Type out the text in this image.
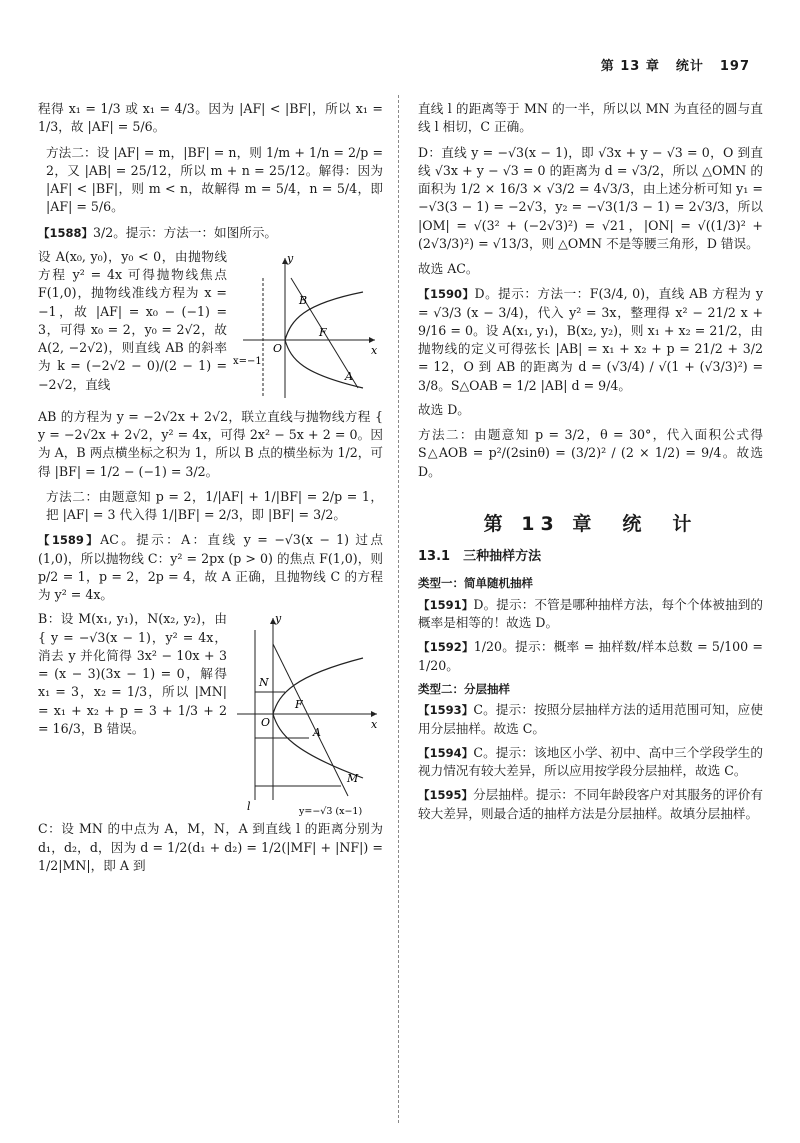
第 13 章 统计 197

程得 x₁ = 1/3 或 x₁ = 4/3。因为 |AF| < |BF|，所以 x₁ = 1/3，故 |AF| = 5/6。

方法二：设 |AF| = m，|BF| = n，则 1/m + 1/n = 2/p = 2，又 |AB| = 25/12，所以 m + n = 25/12。解得：因为 |AF| < |BF|，则 m < n，故解得 m = 5/4，n = 5/4，即 |AF| = 5/6。

【1588】3/2。提示：方法一：如图所示。

y
x
O
B
F
A
x=−1

设 A(x₀, y₀)，y₀ < 0，由抛物线方程 y² = 4x 可得抛物线焦点 F(1,0)，抛物线准线方程为 x = −1，故 |AF| = x₀ − (−1) = 3，可得 x₀ = 2，y₀ = 2√2，故 A(2, −2√2)，则直线 AB 的斜率为 k = (−2√2 − 0)/(2 − 1) = −2√2，直线

AB 的方程为 y = −2√2x + 2√2，联立直线与抛物线方程 { y = −2√2x + 2√2，y² = 4x，可得 2x² − 5x + 2 = 0。因为 A，B 两点横坐标之积为 1，所以 B 点的横坐标为 1/2，可得 |BF| = 1/2 − (−1) = 3/2。

方法二：由题意知 p = 2，1/|AF| + 1/|BF| = 2/p = 1，把 |AF| = 3 代入得 1/|BF| = 2/3，即 |BF| = 3/2。

【1589】AC。提示：A：直线 y = −√3(x − 1) 过点 (1,0)，所以抛物线 C：y² = 2px (p > 0) 的焦点 F(1,0)，则 p/2 = 1，p = 2，2p = 4，故 A 正确，且抛物线 C 的方程为 y² = 4x。

y
x
O
N
F
A
M
l	y=−√3 (x−1)

B：设 M(x₁, y₁)，N(x₂, y₂)，由 { y = −√3(x − 1)，y² = 4x，消去 y 并化简得 3x² − 10x + 3 = (x − 3)(3x − 1) = 0，解得 x₁ = 3，x₂ = 1/3，所以 |MN| = x₁ + x₂ + p = 3 + 1/3 + 2 = 16/3，B 错误。

C：设 MN 的中点为 A，M，N，A 到直线 l 的距离分别为 d₁，d₂，d，因为 d = 1/2(d₁ + d₂) = 1/2(|MF| + |NF|) = 1/2|MN|，即 A 到

直线 l 的距离等于 MN 的一半，所以以 MN 为直径的圆与直线 l 相切，C 正确。

D：直线 y = −√3(x − 1)，即 √3x + y − √3 = 0，O 到直线 √3x + y − √3 = 0 的距离为 d = √3/2，所以 △OMN 的面积为 1/2 × 16/3 × √3/2 = 4√3/3，由上述分析可知 y₁ = −√3(3 − 1) = −2√3，y₂ = −√3(1/3 − 1) = 2√3/3，所以 |OM| = √(3² + (−2√3)²) = √21，|ON| = √((1/3)² + (2√3/3)²) = √13/3，则 △OMN 不是等腰三角形，D 错误。

故选 AC。

【1590】D。提示：方法一：F(3/4, 0)，直线 AB 方程为 y = √3/3 (x − 3/4)，代入 y² = 3x，整理得 x² − 21/2 x + 9/16 = 0。设 A(x₁, y₁)，B(x₂, y₂)，则 x₁ + x₂ = 21/2，由抛物线的定义可得弦长 |AB| = x₁ + x₂ + p = 21/2 + 3/2 = 12，O 到 AB 的距离为 d = (√3/4) / √(1 + (√3/3)²) = 3/8。S△OAB = 1/2 |AB| d = 9/4。

故选 D。

方法二：由题意知 p = 3/2，θ = 30°，代入面积公式得 S△AOB = p²/(2sinθ) = (3/2)² / (2 × 1/2) = 9/4。故选 D。

第 13 章　统　计
13.1　三种抽样方法
类型一：简单随机抽样

【1591】D。提示：不管是哪种抽样方法，每个个体被抽到的概率是相等的！故选 D。

【1592】1/20。提示：概率 = 抽样数/样本总数 = 5/100 = 1/20。

类型二：分层抽样

【1593】C。提示：按照分层抽样方法的适用范围可知，应使用分层抽样。故选 C。

【1594】C。提示：该地区小学、初中、高中三个学段学生的视力情况有较大差异，所以应用按学段分层抽样，故选 C。

【1595】分层抽样。提示：不同年龄段客户对其服务的评价有较大差异，则最合适的抽样方法是分层抽样。故填分层抽样。
